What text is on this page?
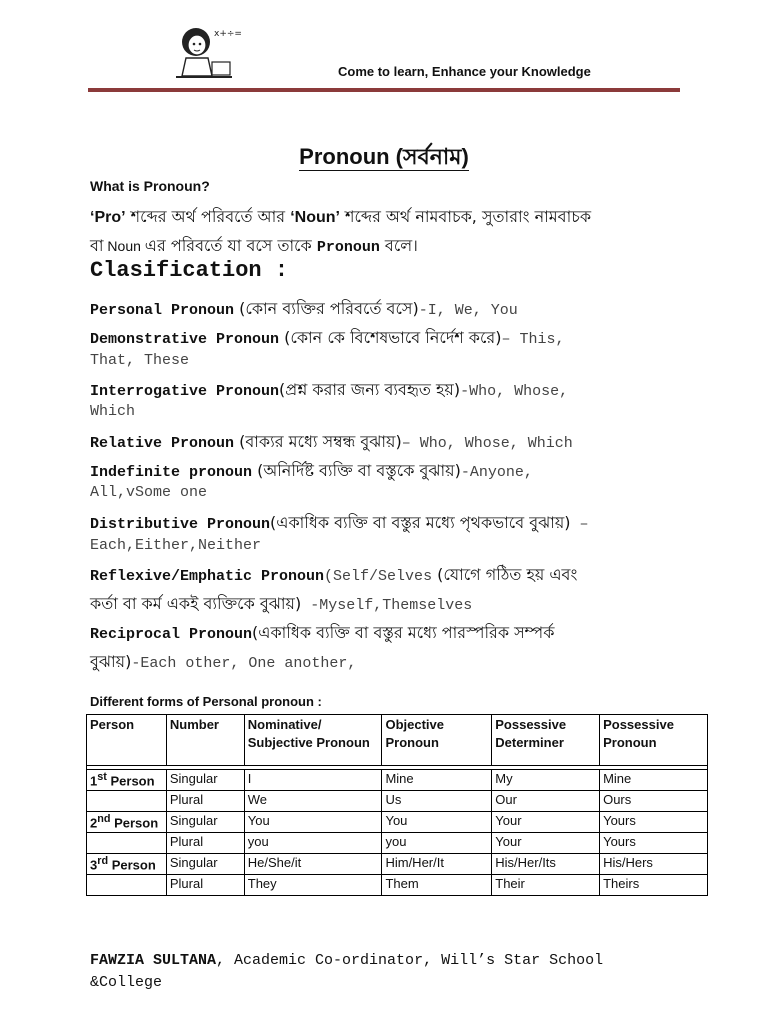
x+÷=
Come to learn, Enhance your Knowledge
Pronoun (সর্বনাম)
What is Pronoun?
‘Pro’ শব্দের অর্থ পরিবর্তে আর ‘Noun’ শব্দের অর্থ নামবাচক, সুতারাং নামবাচক
বা Noun এর পরিবর্তে যা বসে তাকে Pronoun বলে।
Clasification :
Personal Pronoun (কোন ব্যক্তির পরিবর্তে বসে)-I, We, You
Demonstrative Pronoun (কোন কে বিশেষভাবে নির্দেশ করে)– This,
That, These
Interrogative Pronoun(প্রশ্ন করার জন্য ব্যবহৃত হয়)-Who, Whose,
Which
Relative Pronoun (বাক্যর মধ্যে সম্বন্ধ বুঝায়)– Who, Whose, Which
Indefinite pronoun (অনির্দিষ্ট ব্যক্তি বা বস্তুকে বুঝায়)-Anyone,
All,vSome one
Distributive Pronoun(একাধিক ব্যক্তি বা বস্তুর মধ্যে পৃথকভাবে বুঝায়) –
Each,Either,Neither
Reflexive/Emphatic Pronoun(Self/Selves (যোগে গঠিত হয় এবং
কর্তা বা কর্ম একই ব্যক্তিকে বুঝায়) -Myself,Themselves
Reciprocal Pronoun(একাধিক ব্যক্তি বা বস্তুর মধ্যে পারস্পরিক সম্পর্ক
বুঝায়)-Each other, One another,
Different forms of Personal pronoun :
Person	Number	Nominative/ Subjective Pronoun	Objective Pronoun	Possessive Determiner	Possessive Pronoun

1st Person	Singular	I	Mine	My	Mine
	Plural	We	Us	Our	Ours
2nd Person	Singular	You	You	Your	Yours
	Plural	you	you	Your	Yours
3rd Person	Singular	He/She/it	Him/Her/It	His/Her/Its	His/Hers
	Plural	They	Them	Their	Theirs
FAWZIA SULTANA, Academic Co-ordinator, Will’s Star School &College
